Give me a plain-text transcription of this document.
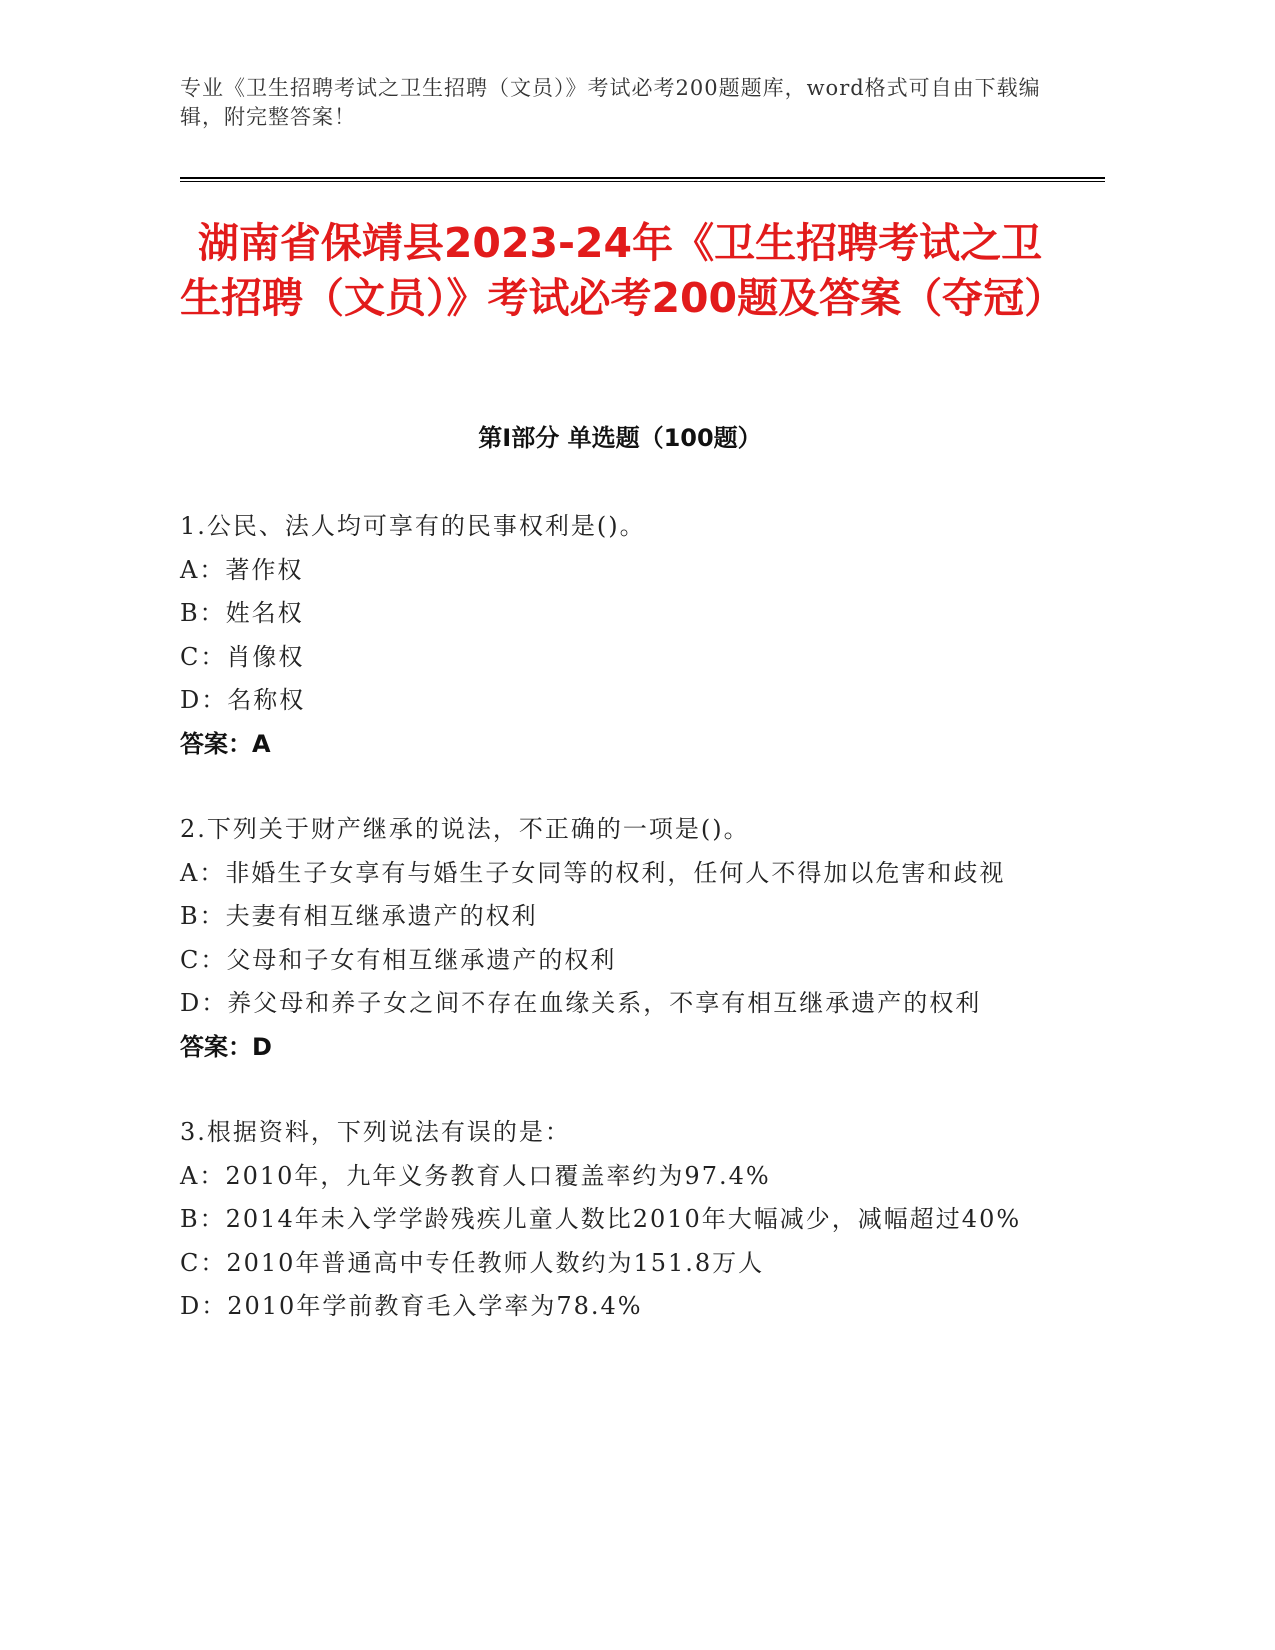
专业《卫生招聘考试之卫生招聘（文员）》考试必考200题题库，word格式可自由下载编辑，附完整答案！
湖南省保靖县2023-24年《卫生招聘考试之卫生招聘（文员）》考试必考200题及答案（夺冠）
第Ⅰ部分 单选题（100题）
1.公民、法人均可享有的民事权利是()。
A： 著作权
B： 姓名权
C： 肖像权
D： 名称权
答案：A
2.下列关于财产继承的说法，不正确的一项是()。
A： 非婚生子女享有与婚生子女同等的权利，任何人不得加以危害和歧视
B： 夫妻有相互继承遗产的权利
C： 父母和子女有相互继承遗产的权利
D： 养父母和养子女之间不存在血缘关系，不享有相互继承遗产的权利
答案：D
3.根据资料，下列说法有误的是：
A： 2010年，九年义务教育人口覆盖率约为97.4%
B： 2014年未入学学龄残疾儿童人数比2010年大幅减少，减幅超过40%
C： 2010年普通高中专任教师人数约为151.8万人
D： 2010年学前教育毛入学率为78.4%
